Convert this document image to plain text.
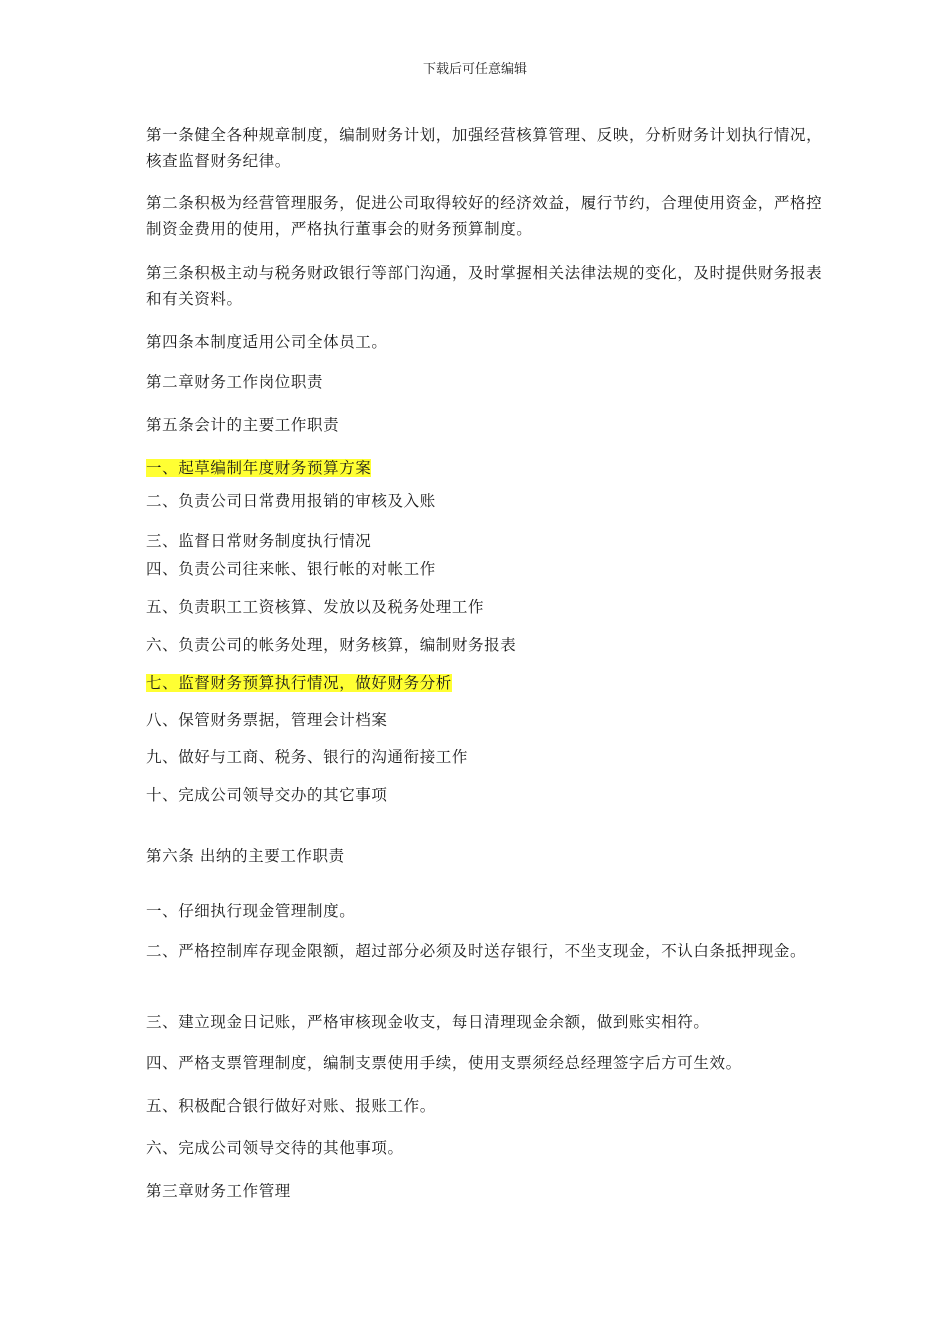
下载后可任意编辑
第一条健全各种规章制度，编制财务计划，加强经营核算管理、反映，分析财务计划执行情况，核查监督财务纪律。
第二条积极为经营管理服务，促进公司取得较好的经济效益，履行节约，合理使用资金，严格控制资金费用的使用，严格执行董事会的财务预算制度。
第三条积极主动与税务财政银行等部门沟通，及时掌握相关法律法规的变化，及时提供财务报表和有关资料。
第四条本制度适用公司全体员工。
第二章财务工作岗位职责
第五条会计的主要工作职责
一、起草编制年度财务预算方案
二、负责公司日常费用报销的审核及入账
三、监督日常财务制度执行情况
四、负责公司往来帐、银行帐的对帐工作
五、负责职工工资核算、发放以及税务处理工作
六、负责公司的帐务处理，财务核算，编制财务报表
七、监督财务预算执行情况，做好财务分析
八、保管财务票据，管理会计档案
九、做好与工商、税务、银行的沟通衔接工作
十、完成公司领导交办的其它事项
第六条 出纳的主要工作职责
一、仔细执行现金管理制度。
二、严格控制库存现金限额，超过部分必须及时送存银行，不坐支现金，不认白条抵押现金。
三、建立现金日记账，严格审核现金收支，每日清理现金余额，做到账实相符。
四、严格支票管理制度，编制支票使用手续，使用支票须经总经理签字后方可生效。
五、积极配合银行做好对账、报账工作。
六、完成公司领导交待的其他事项。
第三章财务工作管理
